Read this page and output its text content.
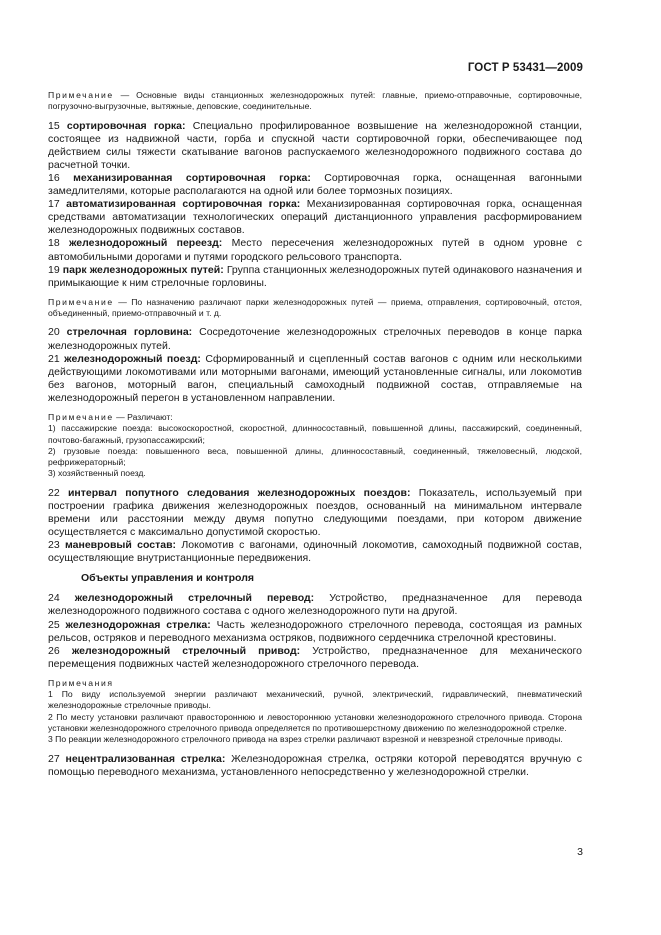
ГОСТ Р 53431—2009

Примечание — Основные виды станционных железнодорожных путей: главные, приемо-отправочные, сортировочные, погрузочно-выгрузочные, вытяжные, деповские, соединительные.

15 сортировочная горка: Специально профилированное возвышение на железнодорожной станции, состоящее из надвижной части, горба и спускной части сортировочной горки, обеспечивающее под действием силы тяжести скатывание вагонов распускаемого железнодорожного подвижного состава до расчетной точки.

16 механизированная сортировочная горка: Сортировочная горка, оснащенная вагонными замедлителями, которые располагаются на одной или более тормозных позициях.

17 автоматизированная сортировочная горка: Механизированная сортировочная горка, оснащенная средствами автоматизации технологических операций дистанционного управления расформированием железнодорожных подвижных составов.

18 железнодорожный переезд: Место пересечения железнодорожных путей в одном уровне с автомобильными дорогами и путями городского рельсового транспорта.

19 парк железнодорожных путей: Группа станционных железнодорожных путей одинакового назначения и примыкающие к ним стрелочные горловины.

Примечание — По назначению различают парки железнодорожных путей — приема, отправления, сортировочный, отстоя, объединенный, приемо-отправочный и т. д.

20 стрелочная горловина: Сосредоточение железнодорожных стрелочных переводов в конце парка железнодорожных путей.

21 железнодорожный поезд: Сформированный и сцепленный состав вагонов с одним или несколькими действующими локомотивами или моторными вагонами, имеющий установленные сигналы, или локомотив без вагонов, моторный вагон, специальный самоходный подвижной состав, отправляемые на железнодорожный перегон в установленном направлении.

Примечание — Различают:

1) пассажирские поезда: высокоскоростной, скоростной, длинносоставный, повышенной длины, пассажирский, соединенный, почтово-багажный, грузопассажирский;

2) грузовые поезда: повышенного веса, повышенной длины, длинносоставный, соединенный, тяжеловесный, людской, рефрижераторный;

3) хозяйственный поезд.

22 интервал попутного следования железнодорожных поездов: Показатель, используемый при построении графика движения железнодорожных поездов, основанный на минимальном интервале времени или расстоянии между двумя попутно следующими поездами, при котором движение осуществляется с максимально допустимой скоростью.

23 маневровый состав: Локомотив с вагонами, одиночный локомотив, самоходный подвижной состав, осуществляющие внутристанционные передвижения.

Объекты управления и контроля

24 железнодорожный стрелочный перевод: Устройство, предназначенное для перевода железнодорожного подвижного состава с одного железнодорожного пути на другой.

25 железнодорожная стрелка: Часть железнодорожного стрелочного перевода, состоящая из рамных рельсов, остряков и переводного механизма остряков, подвижного сердечника стрелочной крестовины.

26 железнодорожный стрелочный привод: Устройство, предназначенное для механического перемещения подвижных частей железнодорожного стрелочного перевода.

Примечания

1 По виду используемой энергии различают механический, ручной, электрический, гидравлический, пневматический железнодорожные стрелочные приводы.

2 По месту установки различают правостороннюю и левостороннюю установки железнодорожного стрелочного привода. Сторона установки железнодорожного стрелочного привода определяется по противошерстному движению по железнодорожной стрелке.

3 По реакции железнодорожного стрелочного привода на взрез стрелки различают взрезной и невзрезной стрелочные приводы.

27 нецентрализованная стрелка: Железнодорожная стрелка, остряки которой переводятся вручную с помощью переводного механизма, установленного непосредственно у железнодорожной стрелки.

3
